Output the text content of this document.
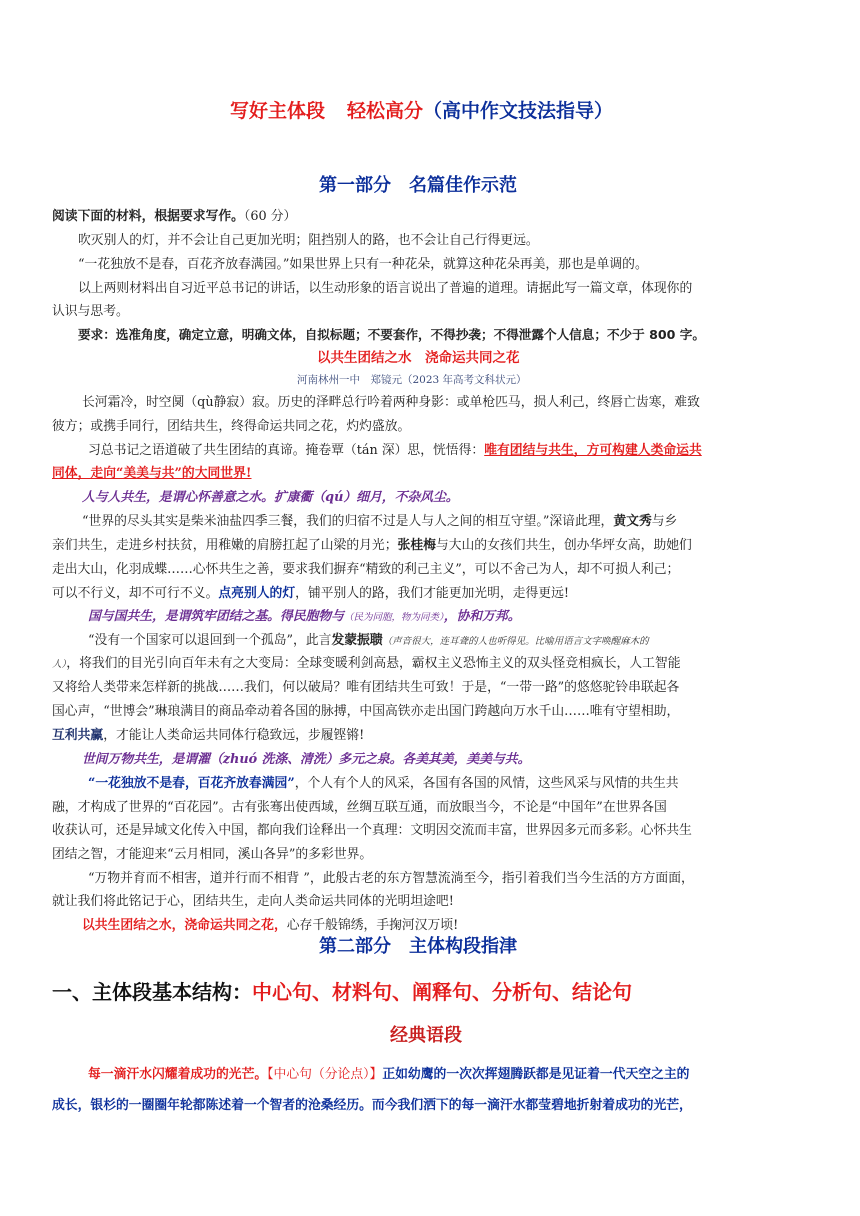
写好主体段 轻松高分（高中作文技法指导）
第一部分　名篇佳作示范
阅读下面的材料，根据要求写作。（60 分）
吹灭别人的灯，并不会让自己更加光明；阻挡别人的路，也不会让自己行得更远。
“一花独放不是春，百花齐放春满园。”如果世界上只有一种花朵，就算这种花朵再美，那也是单调的。
以上两则材料出自习近平总书记的讲话，以生动形象的语言说出了普遍的道理。请据此写一篇文章，体现你的
认识与思考。
要求：选准角度，确定立意，明确文体，自拟标题；不要套作，不得抄袭；不得泄露个人信息；不少于 800 字。
以共生团结之水　浇命运共同之花
河南林州一中　郑镜元（2023 年高考文科状元）
长河霜冷，时空阒（qù静寂）寂。历史的泽畔总行吟着两种身影：或单枪匹马，损人利己，终唇亡齿寒，难致
彼方；或携手同行，团结共生，终得命运共同之花，灼灼盛放。
习总书记之语道破了共生团结的真谛。掩卷覃（tán 深）思，恍悟得：唯有团结与共生，方可构建人类命运共
同体，走向“美美与共”的大同世界!
人与人共生，是谓心怀善意之水。扩康衢（qú）细月，不杂风尘。
“世界的尽头其实是柴米油盐四季三餐，我们的归宿不过是人与人之间的相互守望。”深谙此理，黄文秀与乡
亲们共生，走进乡村扶贫，用稚嫩的肩膀扛起了山梁的月光；张桂梅与大山的女孩们共生，创办华坪女高，助她们
走出大山，化羽成蝶……心怀共生之善，要求我们摒弃“精致的利己主义”，可以不舍己为人，却不可损人利己；
可以不行义，却不可行不义。点亮别人的灯，铺平别人的路，我们才能更加光明，走得更远!
国与国共生，是谓筑牢团结之基。得民胞物与（民为同胞，物为同类），协和万邦。
“没有一个国家可以退回到一个孤岛”，此言发蒙振聩（声音很大，连耳聋的人也听得见。比喻用语言文字唤醒麻木的
人），将我们的目光引向百年未有之大变局：全球变暖利剑高悬，霸权主义恐怖主义的双头怪竞相疯长，人工智能
又将给人类带来怎样新的挑战……我们，何以破局？唯有团结共生可致！于是，“一带一路”的悠悠驼铃串联起各
国心声，“世博会”琳琅满目的商品牵动着各国的脉搏，中国高铁亦走出国门跨越向万水千山……唯有守望相助，
互利共赢，才能让人类命运共同体行稳致远，步履铿锵!
世间万物共生，是谓濯（zhuó 洗涤、清洗）多元之泉。各美其美，美美与共。
“一花独放不是春，百花齐放春满园”，个人有个人的风采，各国有各国的风情，这些风采与风情的共生共
融，才构成了世界的“百花园”。古有张骞出使西域，丝绸互联互通，而放眼当今，不论是“中国年”在世界各国
收获认可，还是异域文化传入中国，都向我们诠释出一个真理：文明因交流而丰富，世界因多元而多彩。心怀共生
团结之智，才能迎来“云月相同，溪山各异”的多彩世界。
“万物并育而不相害，道并行而不相背 ”，此般古老的东方智慧流淌至今，指引着我们当今生活的方方面面，
就让我们将此铭记于心，团结共生，走向人类命运共同体的光明坦途吧!
以共生团结之水，浇命运共同之花，心存千般锦绣，手掬河汉万顷!
第二部分　主体构段指津
一、主体段基本结构：中心句、材料句、阐释句、分析句、结论句
经典语段
每一滴汗水闪耀着成功的光芒。【中心句（分论点）】正如幼鹰的一次次挥翅腾跃都是见证着一代天空之主的
成长，银杉的一圈圈年轮都陈述着一个智者的沧桑经历。而今我们洒下的每一滴汗水都莹碧地折射着成功的光芒，
